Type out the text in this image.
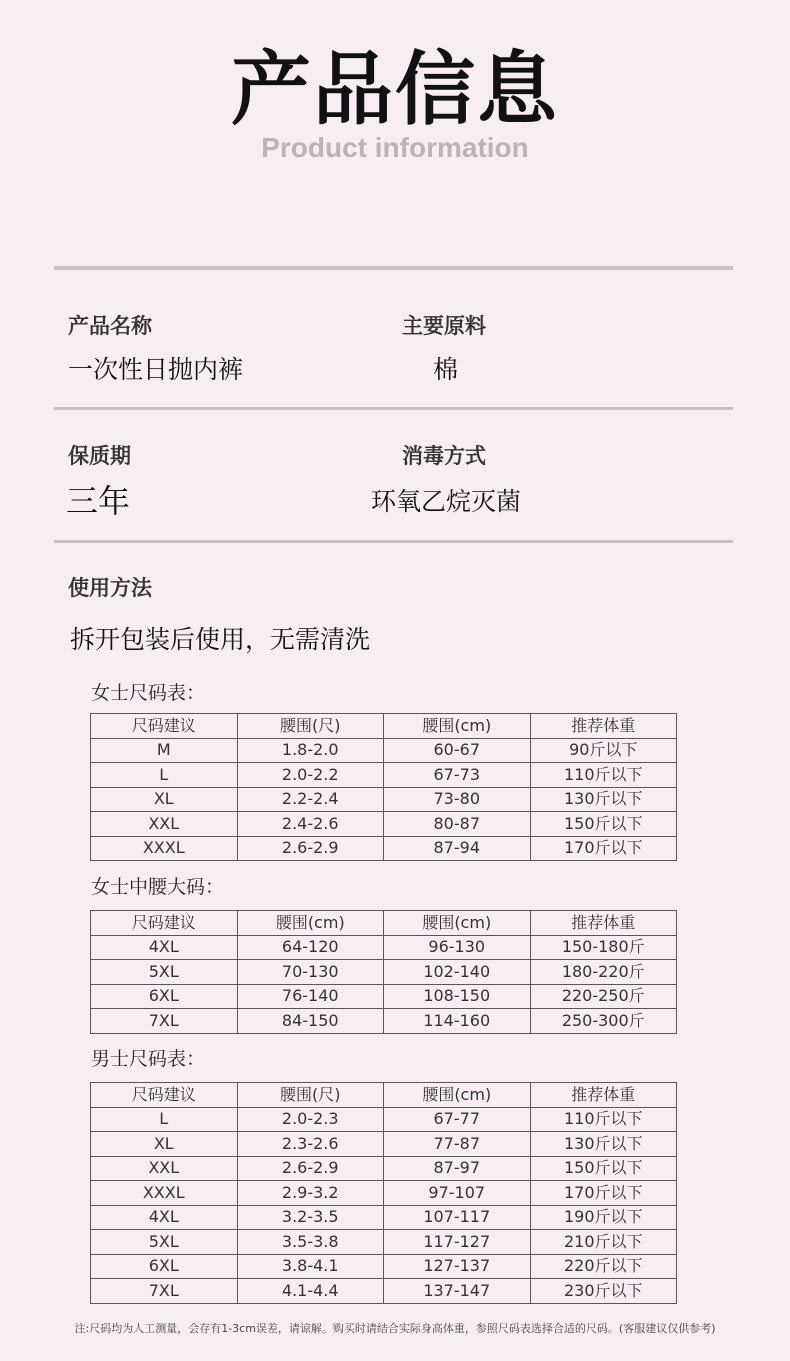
产品信息
Product information
产品名称
一次性日抛内裤
主要原料
棉
保质期
三年
消毒方式
环氧乙烷灭菌
使用方法
拆开包装后使用，无需清洗
女士尺码表：
尺码建议	腰围(尺)	腰围(cm)	推荐体重
M	1.8-2.0	60-67	90斤以下
L	2.0-2.2	67-73	110斤以下
XL	2.2-2.4	73-80	130斤以下
XXL	2.4-2.6	80-87	150斤以下
XXXL	2.6-2.9	87-94	170斤以下
女士中腰大码：
尺码建议	腰围(cm)	腰围(cm)	推荐体重
4XL	64-120	96-130	150-180斤
5XL	70-130	102-140	180-220斤
6XL	76-140	108-150	220-250斤
7XL	84-150	114-160	250-300斤
男士尺码表：
尺码建议	腰围(尺)	腰围(cm)	推荐体重
L	2.0-2.3	67-77	110斤以下
XL	2.3-2.6	77-87	130斤以下
XXL	2.6-2.9	87-97	150斤以下
XXXL	2.9-3.2	97-107	170斤以下
4XL	3.2-3.5	107-117	190斤以下
5XL	3.5-3.8	117-127	210斤以下
6XL	3.8-4.1	127-137	220斤以下
7XL	4.1-4.4	137-147	230斤以下
注:尺码均为人工测量，会存有1-3cm误差，请谅解。购买时请结合实际身高体重，参照尺码表选择合适的尺码。(客服建议仅供参考)
